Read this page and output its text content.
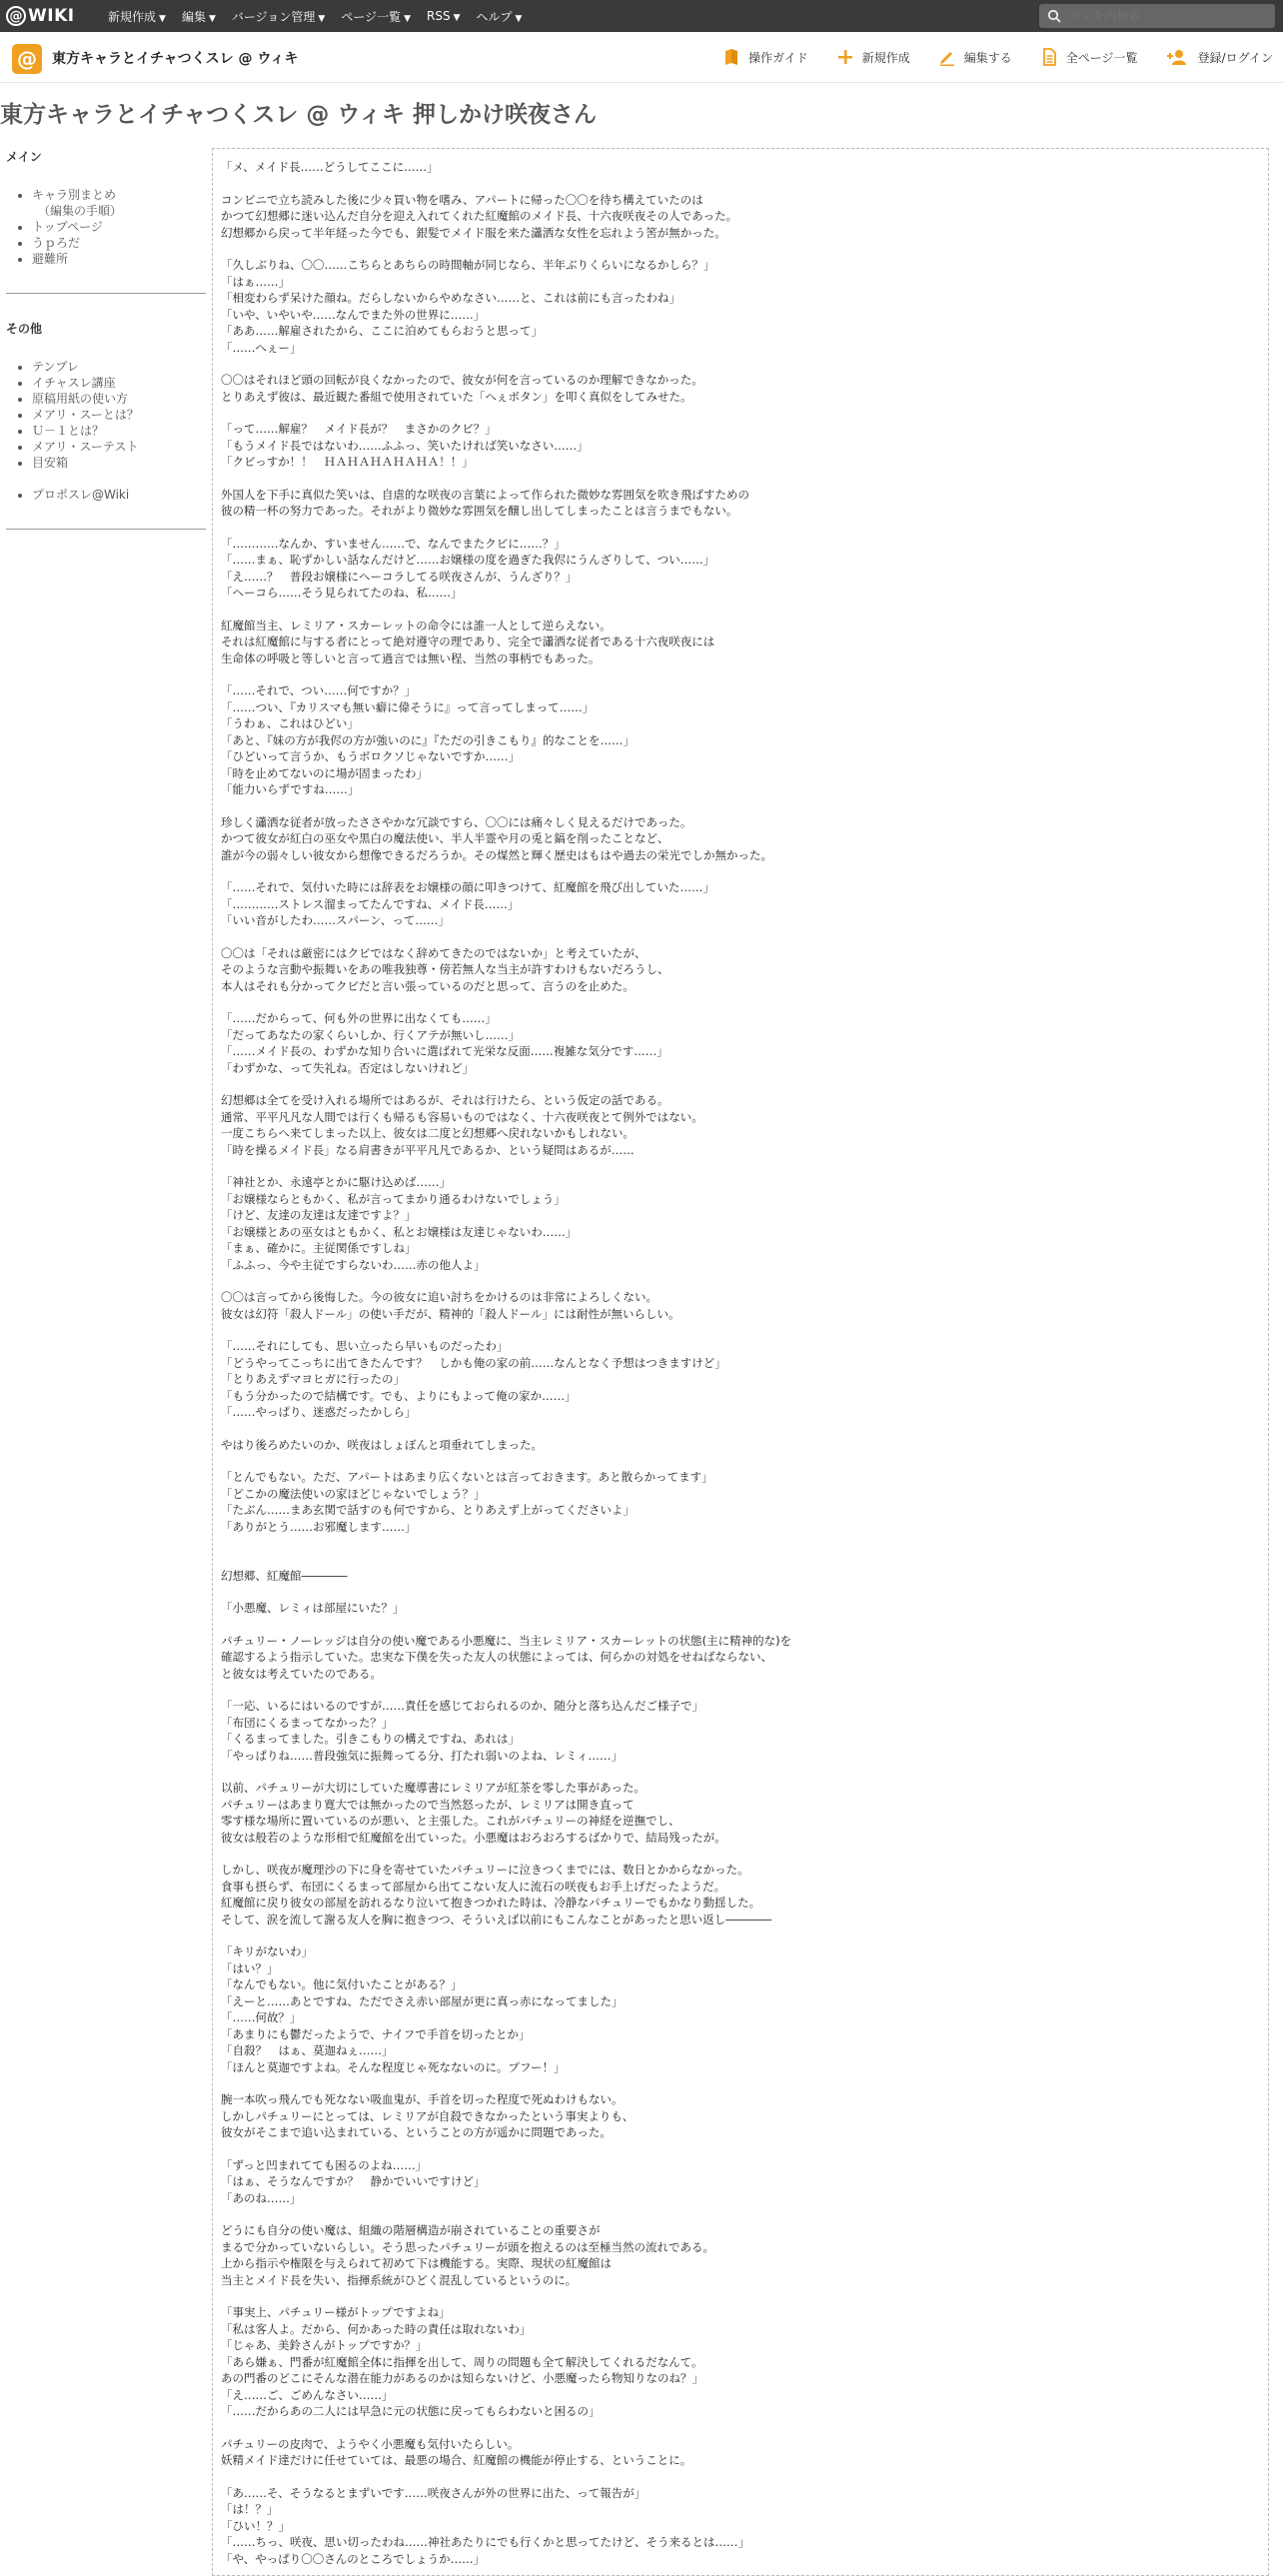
@ WIKI	新規作成 ▼ 編集 ▼ バージョン管理 ▼ ページ一覧 ▼ RSS ▼ ヘルプ ▼
ウィキ内検索
@	東方キャラとイチャつくスレ @ ウィキ	操作ガイド	新規作成	編集する	全ページ一覧	登録/ログイン
東方キャラとイチャつくスレ @ ウィキ 押しかけ咲夜さん
メイン
• キャラ別まとめ
（編集の手順）
• トップページ
• うｐろだ
• 避難所
その他
• テンプレ
• イチャスレ講座
• 原稿用紙の使い方
• メアリ・スーとは？
• Ｕ－１とは？
• メアリ・スーテスト
• 目安箱
• プロポスレ@Wiki

「メ、メイド長……どうしてここに……」

コンビニで立ち読みした後に少々買い物を嗜み、アパートに帰った〇〇を待ち構えていたのは
かつて幻想郷に迷い込んだ自分を迎え入れてくれた紅魔館のメイド長、十六夜咲夜その人であった。
幻想郷から戻って半年経った今でも、銀髪でメイド服を来た瀟洒な女性を忘れよう筈が無かった。

「久しぶりね、〇〇……こちらとあちらの時間軸が同じなら、半年ぶりくらいになるかしら？」
「はぁ……」
「相変わらず呆けた顔ね。だらしないからやめなさい……と、これは前にも言ったわね」
「いや、いやいや……なんでまた外の世界に……」
「ああ……解雇されたから、ここに泊めてもらおうと思って」
「……へぇー」

〇〇はそれほど頭の回転が良くなかったので、彼女が何を言っているのか理解できなかった。
とりあえず彼は、最近観た番組で使用されていた「へぇボタン」を叩く真似をしてみせた。

「って……解雇？　メイド長が？　まさかのクビ？」
「もうメイド長ではないわ……ふふっ、笑いたければ笑いなさい……」
「クビっすか！！　ＨＡＨＡＨＡＨＡＨＡ！！」

外国人を下手に真似た笑いは、自虐的な咲夜の言葉によって作られた微妙な雰囲気を吹き飛ばすための
彼の精一杯の努力であった。それがより微妙な雰囲気を醸し出してしまったことは言うまでもない。

「…………なんか、すいません……で、なんでまたクビに……？」
「……まぁ、恥ずかしい話なんだけど……お嬢様の度を過ぎた我侭にうんざりして、つい……」
「え……？　普段お嬢様にヘーコラしてる咲夜さんが、うんざり？」
「ヘーコら……そう見られてたのね、私……」

紅魔館当主、レミリア・スカーレットの命令には誰一人として逆らえない。
それは紅魔館に与する者にとって絶対遵守の理であり、完全で瀟洒な従者である十六夜咲夜には
生命体の呼吸と等しいと言って過言では無い程、当然の事柄でもあった。

「……それで、つい……何ですか？」
「……つい、『カリスマも無い癖に偉そうに』って言ってしまって……」
「うわぁ、これはひどい」
「あと、『妹の方が我侭の方が強いのに』『ただの引きこもり』的なことを……」
「ひどいって言うか、もうボロクソじゃないですか……」
「時を止めてないのに場が固まったわ」
「能力いらずですね……」

珍しく瀟洒な従者が放ったささやかな冗談ですら、〇〇には痛々しく見えるだけであった。
かつて彼女が紅白の巫女や黒白の魔法使い、半人半霊や月の兎と鎬を削ったことなど、
誰が今の弱々しい彼女から想像できるだろうか。その煤然と輝く歴史はもはや過去の栄光でしか無かった。

「……それで、気付いた時には辞表をお嬢様の顔に叩きつけて、紅魔館を飛び出していた……」
「…………ストレス溜まってたんですね、メイド長……」
「いい音がしたわ……スパーン、って……」

〇〇は「それは厳密にはクビではなく辞めてきたのではないか」と考えていたが、
そのような言動や振舞いをあの唯我独尊・傍若無人な当主が許すわけもないだろうし、
本人はそれも分かってクビだと言い張っているのだと思って、言うのを止めた。

「……だからって、何も外の世界に出なくても……」
「だってあなたの家くらいしか、行くアテが無いし……」
「……メイド長の、わずかな知り合いに選ばれて光栄な反面……複雑な気分です……」
「わずかな、って失礼ね。否定はしないけれど」

幻想郷は全てを受け入れる場所ではあるが、それは行けたら、という仮定の話である。
通常、平平凡凡な人間では行くも帰るも容易いものではなく、十六夜咲夜とて例外ではない。
一度こちらへ来てしまった以上、彼女は二度と幻想郷へ戻れないかもしれない。
「時を操るメイド長」なる肩書きが平平凡凡であるか、という疑問はあるが……

「神社とか、永遠亭とかに駆け込めば……」
「お嬢様ならともかく、私が言ってまかり通るわけないでしょう」
「けど、友達の友達は友達ですよ？」
「お嬢様とあの巫女はともかく、私とお嬢様は友達じゃないわ……」
「まぁ、確かに。主従関係ですしね」
「ふふっ、今や主従ですらないわ……赤の他人よ」

〇〇は言ってから後悔した。今の彼女に追い討ちをかけるのは非常によろしくない。
彼女は幻符「殺人ドール」の使い手だが、精神的「殺人ドール」には耐性が無いらしい。

「……それにしても、思い立ったら早いものだったわ」
「どうやってこっちに出てきたんです？　しかも俺の家の前……なんとなく予想はつきますけど」
「とりあえずマヨヒガに行ったの」
「もう分かったので結構です。でも、よりにもよって俺の家か……」
「……やっぱり、迷惑だったかしら」

やはり後ろめたいのか、咲夜はしょぼんと項垂れてしまった。

「とんでもない。ただ、アパートはあまり広くないとは言っておきます。あと散らかってます」
「どこかの魔法使いの家ほどじゃないでしょう？」
「たぶん……まあ玄関で話すのも何ですから、とりあえず上がってくださいよ」
「ありがとう……お邪魔します……」

幻想郷、紅魔館――――

「小悪魔、レミィは部屋にいた？」

パチュリー・ノーレッジは自分の使い魔である小悪魔に、当主レミリア・スカーレットの状態(主に精神的な)を
確認するよう指示していた。忠実な下僕を失った友人の状態によっては、何らかの対処をせねばならない、
と彼女は考えていたのである。

「一応、いるにはいるのですが……責任を感じておられるのか、随分と落ち込んだご様子で」
「布団にくるまってなかった？」
「くるまってました。引きこもりの構えですね、あれは」
「やっぱりね……普段強気に振舞ってる分、打たれ弱いのよね、レミィ……」

以前、パチュリーが大切にしていた魔導書にレミリアが紅茶を零した事があった。
パチュリーはあまり寛大では無かったので当然怒ったが、レミリアは開き直って
零す様な場所に置いているのが悪い、と主張した。これがパチュリーの神経を逆撫でし、
彼女は般若のような形相で紅魔館を出ていった。小悪魔はおろおろするばかりで、結局残ったが。

しかし、咲夜が魔理沙の下に身を寄せていたパチュリーに泣きつくまでには、数日とかからなかった。
食事も摂らず、布団にくるまって部屋から出てこない友人に流石の咲夜もお手上げだったようだ。
紅魔館に戻り彼女の部屋を訪れるなり泣いて抱きつかれた時は、冷静なパチュリーでもかなり動揺した。
そして、涙を流して謝る友人を胸に抱きつつ、そういえば以前にもこんなことがあったと思い返し――――

「キリがないわ」
「はい？」
「なんでもない。他に気付いたことがある？」
「えーと……あとですね、ただでさえ赤い部屋が更に真っ赤になってました」
「……何故？」
「あまりにも鬱だったようで、ナイフで手首を切ったとか」
「自殺？　はぁ、莫迦ねぇ……」
「ほんと莫迦ですよね。そんな程度じゃ死なないのに。プフー！」

腕一本吹っ飛んでも死なない吸血鬼が、手首を切った程度で死ぬわけもない。
しかしパチュリーにとっては、レミリアが自殺できなかったという事実よりも、
彼女がそこまで追い込まれている、ということの方が遥かに問題であった。

「ずっと凹まれてても困るのよね……」
「はぁ、そうなんですか？　静かでいいですけど」
「あのね……」

どうにも自分の使い魔は、組織の階層構造が崩されていることの重要さが
まるで分かっていないらしい。そう思ったパチュリーが頭を抱えるのは至極当然の流れである。
上から指示や権限を与えられて初めて下は機能する。実際、現状の紅魔館は
当主とメイド長を失い、指揮系統がひどく混乱しているというのに。

「事実上、パチュリー様がトップですよね」
「私は客人よ。だから、何かあった時の責任は取れないわ」
「じゃあ、美鈴さんがトップですか？」
「あら嫌ぁ、門番が紅魔館全体に指揮を出して、周りの問題も全て解決してくれるだなんて。
あの門番のどこにそんな潜在能力があるのかは知らないけど、小悪魔ったら物知りなのね？」
「え……ご、ごめんなさい……」
「……だからあの二人には早急に元の状態に戻ってもらわないと困るの」

パチュリーの皮肉で、ようやく小悪魔も気付いたらしい。
妖精メイド達だけに任せていては、最悪の場合、紅魔館の機能が停止する、ということに。

「あ……そ、そうなるとまずいです……咲夜さんが外の世界に出た、って報告が」
「は！？」
「ひい！？」
「……ちっ、咲夜、思い切ったわね……神社あたりにでも行くかと思ってたけど、そう来るとは……」
「や、やっぱり〇〇さんのところでしょうか……」
